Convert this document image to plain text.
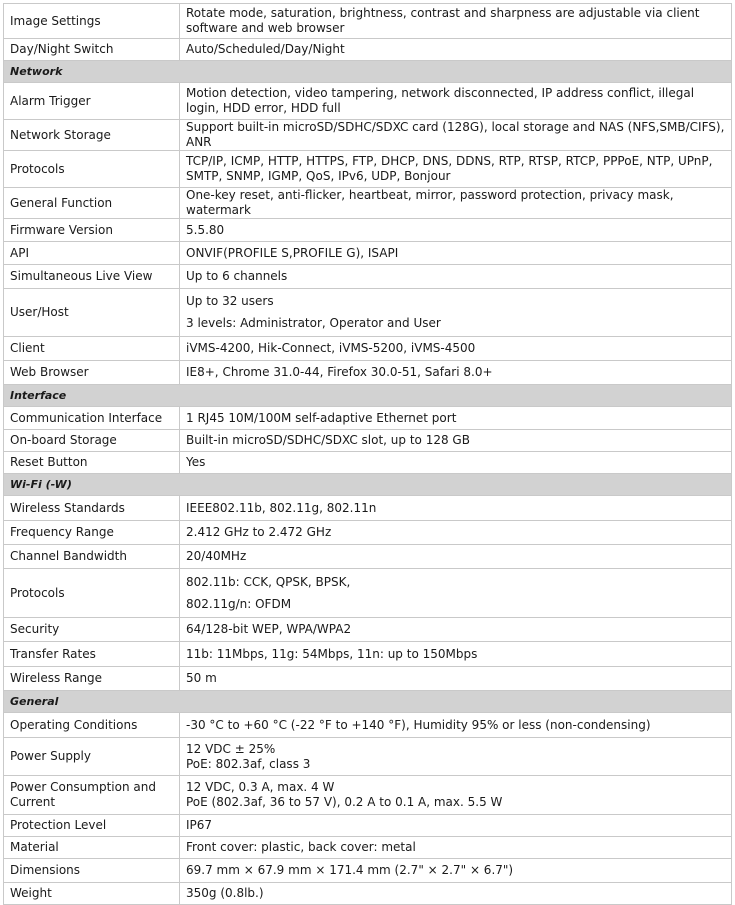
Image Settings	Rotate mode, saturation, brightness, contrast and sharpness are adjustable via client software and web browser

Day/Night Switch	Auto/Scheduled/Day/Night

Network	
Alarm Trigger	Motion detection, video tampering, network disconnected, IP address conflict, illegal login, HDD error, HDD full

Network Storage	Support built-in microSD/SDHC/SDXC card (128G), local storage and NAS (NFS,SMB/CIFS), ANR

Protocols	TCP/IP, ICMP, HTTP, HTTPS, FTP, DHCP, DNS, DDNS, RTP, RTSP, RTCP, PPPoE, NTP, UPnP, SMTP, SNMP, IGMP, QoS, IPv6, UDP, Bonjour

General Function	One-key reset, anti-flicker, heartbeat, mirror, password protection, privacy mask, watermark

Firmware Version	5.5.80

API	ONVIF(PROFILE S,PROFILE G), ISAPI

Simultaneous Live View	Up to 6 channels

User/Host	Up to 32 users
3 levels: Administrator, Operator and User

Client	iVMS-4200, Hik-Connect, iVMS-5200, iVMS-4500

Web Browser	IE8+, Chrome 31.0-44, Firefox 30.0-51, Safari 8.0+

Interface	
Communication Interface	1 RJ45 10M/100M self-adaptive Ethernet port

On-board Storage	Built-in microSD/SDHC/SDXC slot, up to 128 GB

Reset Button	Yes

Wi-Fi (-W)	
Wireless Standards	IEEE802.11b, 802.11g, 802.11n

Frequency Range	2.412 GHz to 2.472 GHz

Channel Bandwidth	20/40MHz

Protocols	802.11b: CCK, QPSK, BPSK,
802.11g/n: OFDM

Security	64/128-bit WEP, WPA/WPA2

Transfer Rates	11b: 11Mbps, 11g: 54Mbps, 11n: up to 150Mbps

Wireless Range	50 m

General	
Operating Conditions	-30 °C to +60 °C (-22 °F to +140 °F), Humidity 95% or less (non-condensing)

Power Supply	12 VDC ± 25%
PoE: 802.3af, class 3

Power Consumption and Current	12 VDC, 0.3 A, max. 4 W
PoE (802.3af, 36 to 57 V), 0.2 A to 0.1 A, max. 5.5 W

Protection Level	IP67

Material	Front cover: plastic, back cover: metal

Dimensions	69.7 mm × 67.9 mm × 171.4 mm (2.7" × 2.7" × 6.7")

Weight	350g (0.8lb.)
